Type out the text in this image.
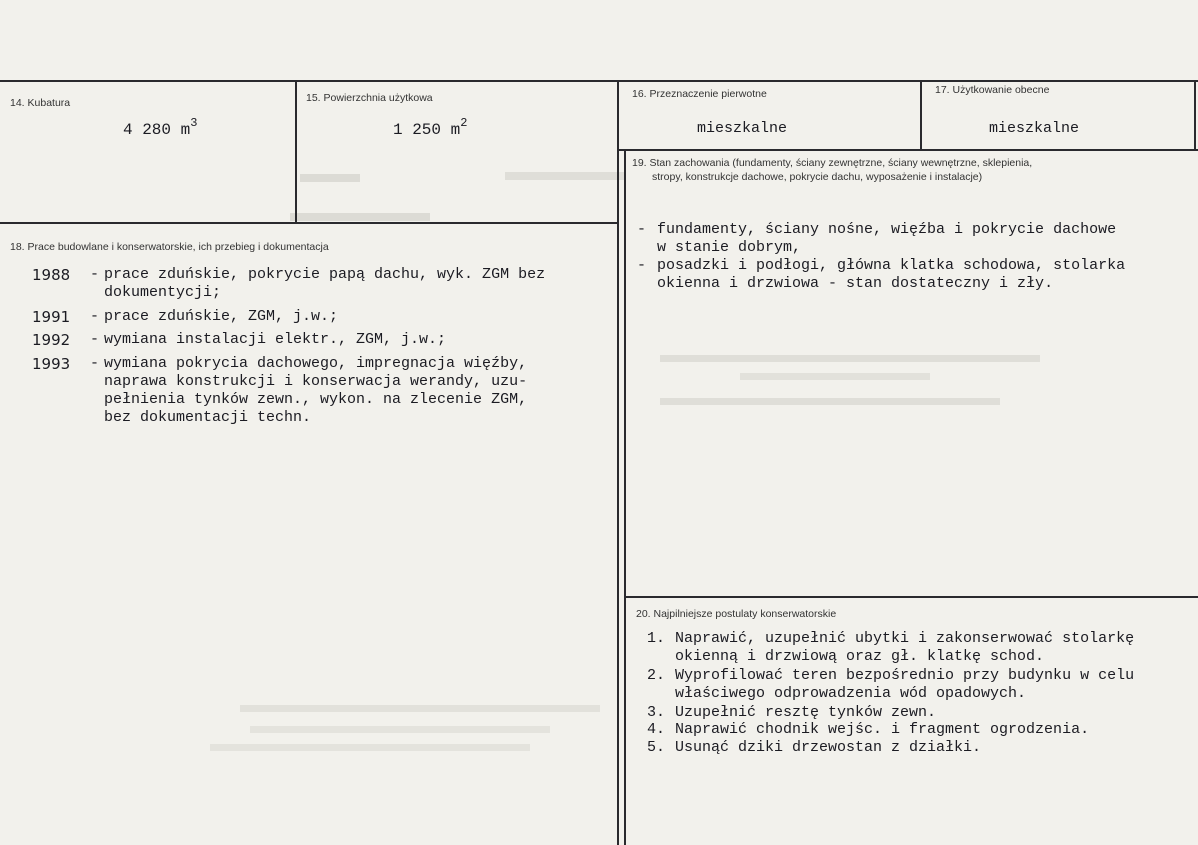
14. Kubatura
4 280 $m^3$
15. Powierzchnia użytkowa
1 250 $m^2$
16. Przeznaczenie pierwotne
mieszkalne
17. Użytkowanie obecne
mieszkalne
19. Stan zachowania (fundamenty, ściany zewnętrzne, ściany wewnętrzne, sklepienia,
stropy, konstrukcje dachowe, pokrycie dachu, wyposażenie i instalacje)
- fundamenty, ściany nośne, więźba i pokrycie dachowe
w stanie dobrym,
- posadzki i podłogi, główna klatka schodowa, stolarka
okienna i drzwiowa - stan dostateczny i zły.
18. Prace budowlane i konserwatorskie, ich przebieg i dokumentacja
1988 - prace zduńskie, pokrycie papą dachu, wyk. ZGM bez
dokumentycji;
1991 - prace zduńskie, ZGM, j.w.;
1992 - wymiana instalacji elektr., ZGM, j.w.;
1993 - wymiana pokrycia dachowego, impregnacja więźby,
naprawa konstrukcji i konserwacja werandy, uzu-
pełnienia tynków zewn., wykon. na zlecenie ZGM,
bez dokumentacji techn.
20. Najpilniejsze postulaty konserwatorskie
1. Naprawić, uzupełnić ubytki i zakonserwować stolarkę
okienną i drzwiową oraz gł. klatkę schod.
2. Wyprofilować teren bezpośrednio przy budynku w celu
właściwego odprowadzenia wód opadowych.
3. Uzupełnić resztę tynków zewn.
4. Naprawić chodnik wejśc. i fragment ogrodzenia.
5. Usunąć dziki drzewostan z działki.
